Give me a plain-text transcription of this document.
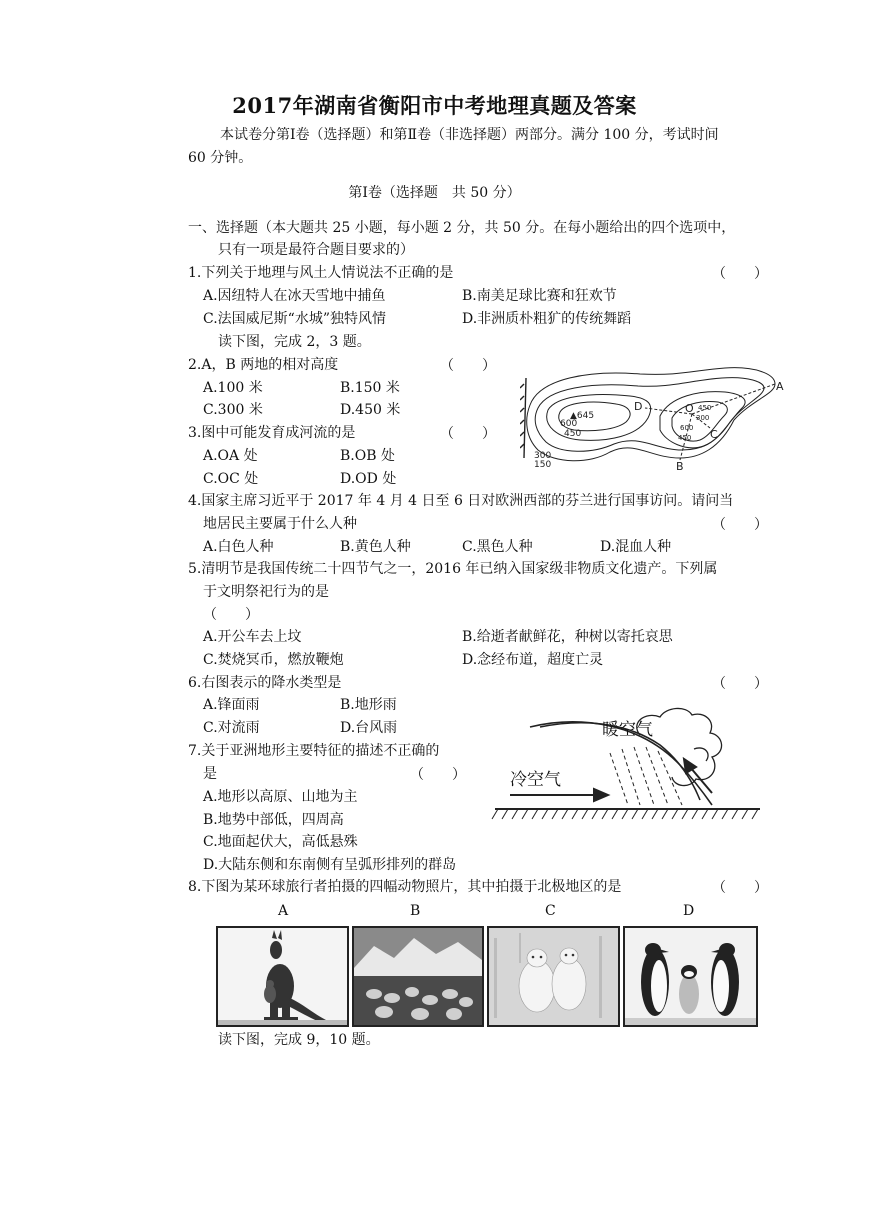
2017年湖南省衡阳市中考地理真题及答案
本试卷分第Ⅰ卷（选择题）和第Ⅱ卷（非选择题）两部分。满分 100 分，考试时间
60 分钟。
第Ⅰ卷（选择题　共 50 分）
一、选择题（本大题共 25 小题，每小题 2 分，共 50 分。在每小题给出的四个选项中，
只有一项是最符合题目要求的）
1.下列关于地理与风土人情说法不正确的是	（　　）
A.因纽特人在冰天雪地中捕鱼	B.南美足球比赛和狂欢节
C.法国威尼斯“水城”独特风情	D.非洲质朴粗犷的传统舞蹈
读下图，完成 2，3 题。
2.A，B 两地的相对高度	（　　）
A.100 米	B.150 米
C.300 米	D.450 米
3.图中可能发育成河流的是	（　　）
A.OA 处	B.OB 处
C.OC 处	D.OD 处
A
B
C
D	O
▲645
600
450
300
150
450
300
600
450
4.国家主席习近平于 2017 年 4 月 4 日至 6 日对欧洲西部的芬兰进行国事访问。请问当
地居民主要属于什么人种	（　　）
A.白色人种	B.黄色人种	C.黑色人种	D.混血人种
5.清明节是我国传统二十四节气之一，2016 年已纳入国家级非物质文化遗产。下列属
于文明祭祀行为的是
（　　）
A.开公车去上坟	B.给逝者献鲜花，种树以寄托哀思
C.焚烧冥币，燃放鞭炮	D.念经布道，超度亡灵
6.右图表示的降水类型是	（　　）
A.锋面雨	B.地形雨
C.对流雨	D.台风雨	暖空气
冷空气
7.关于亚洲地形主要特征的描述不正确的
是	（　　）
A.地形以高原、山地为主
B.地势中部低，四周高
C.地面起伏大，高低悬殊
D.大陆东侧和东南侧有呈弧形排列的群岛
8.下图为某环球旅行者拍摄的四幅动物照片，其中拍摄于北极地区的是	（　　）
A	B	C	D
读下图，完成 9，10 题。
